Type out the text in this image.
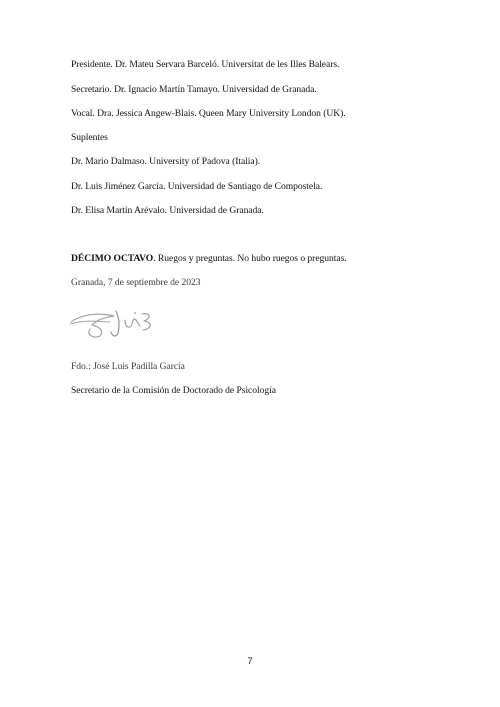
Presidente. Dr. Mateu Servara Barceló. Universitat de les Illes Balears.
Secretario. Dr. Ignacio Martín Tamayo. Universidad de Granada.
Vocal. Dra. Jessica Angew-Blais. Queen Mary University London (UK).
Suplentes
Dr. Mario Dalmaso. University of Padova (Italia).
Dr. Luis Jiménez García. Universidad de Santiago de Compostela.
Dr. Elisa Martín Arévalo. Universidad de Granada.
DÉCIMO OCTAVO. Ruegos y preguntas. No hubo ruegos o preguntas.
Granada, 7 de septiembre de 2023
Fdo.: José Luis Padilla García
Secretario de la Comisión de Doctorado de Psicología
7
